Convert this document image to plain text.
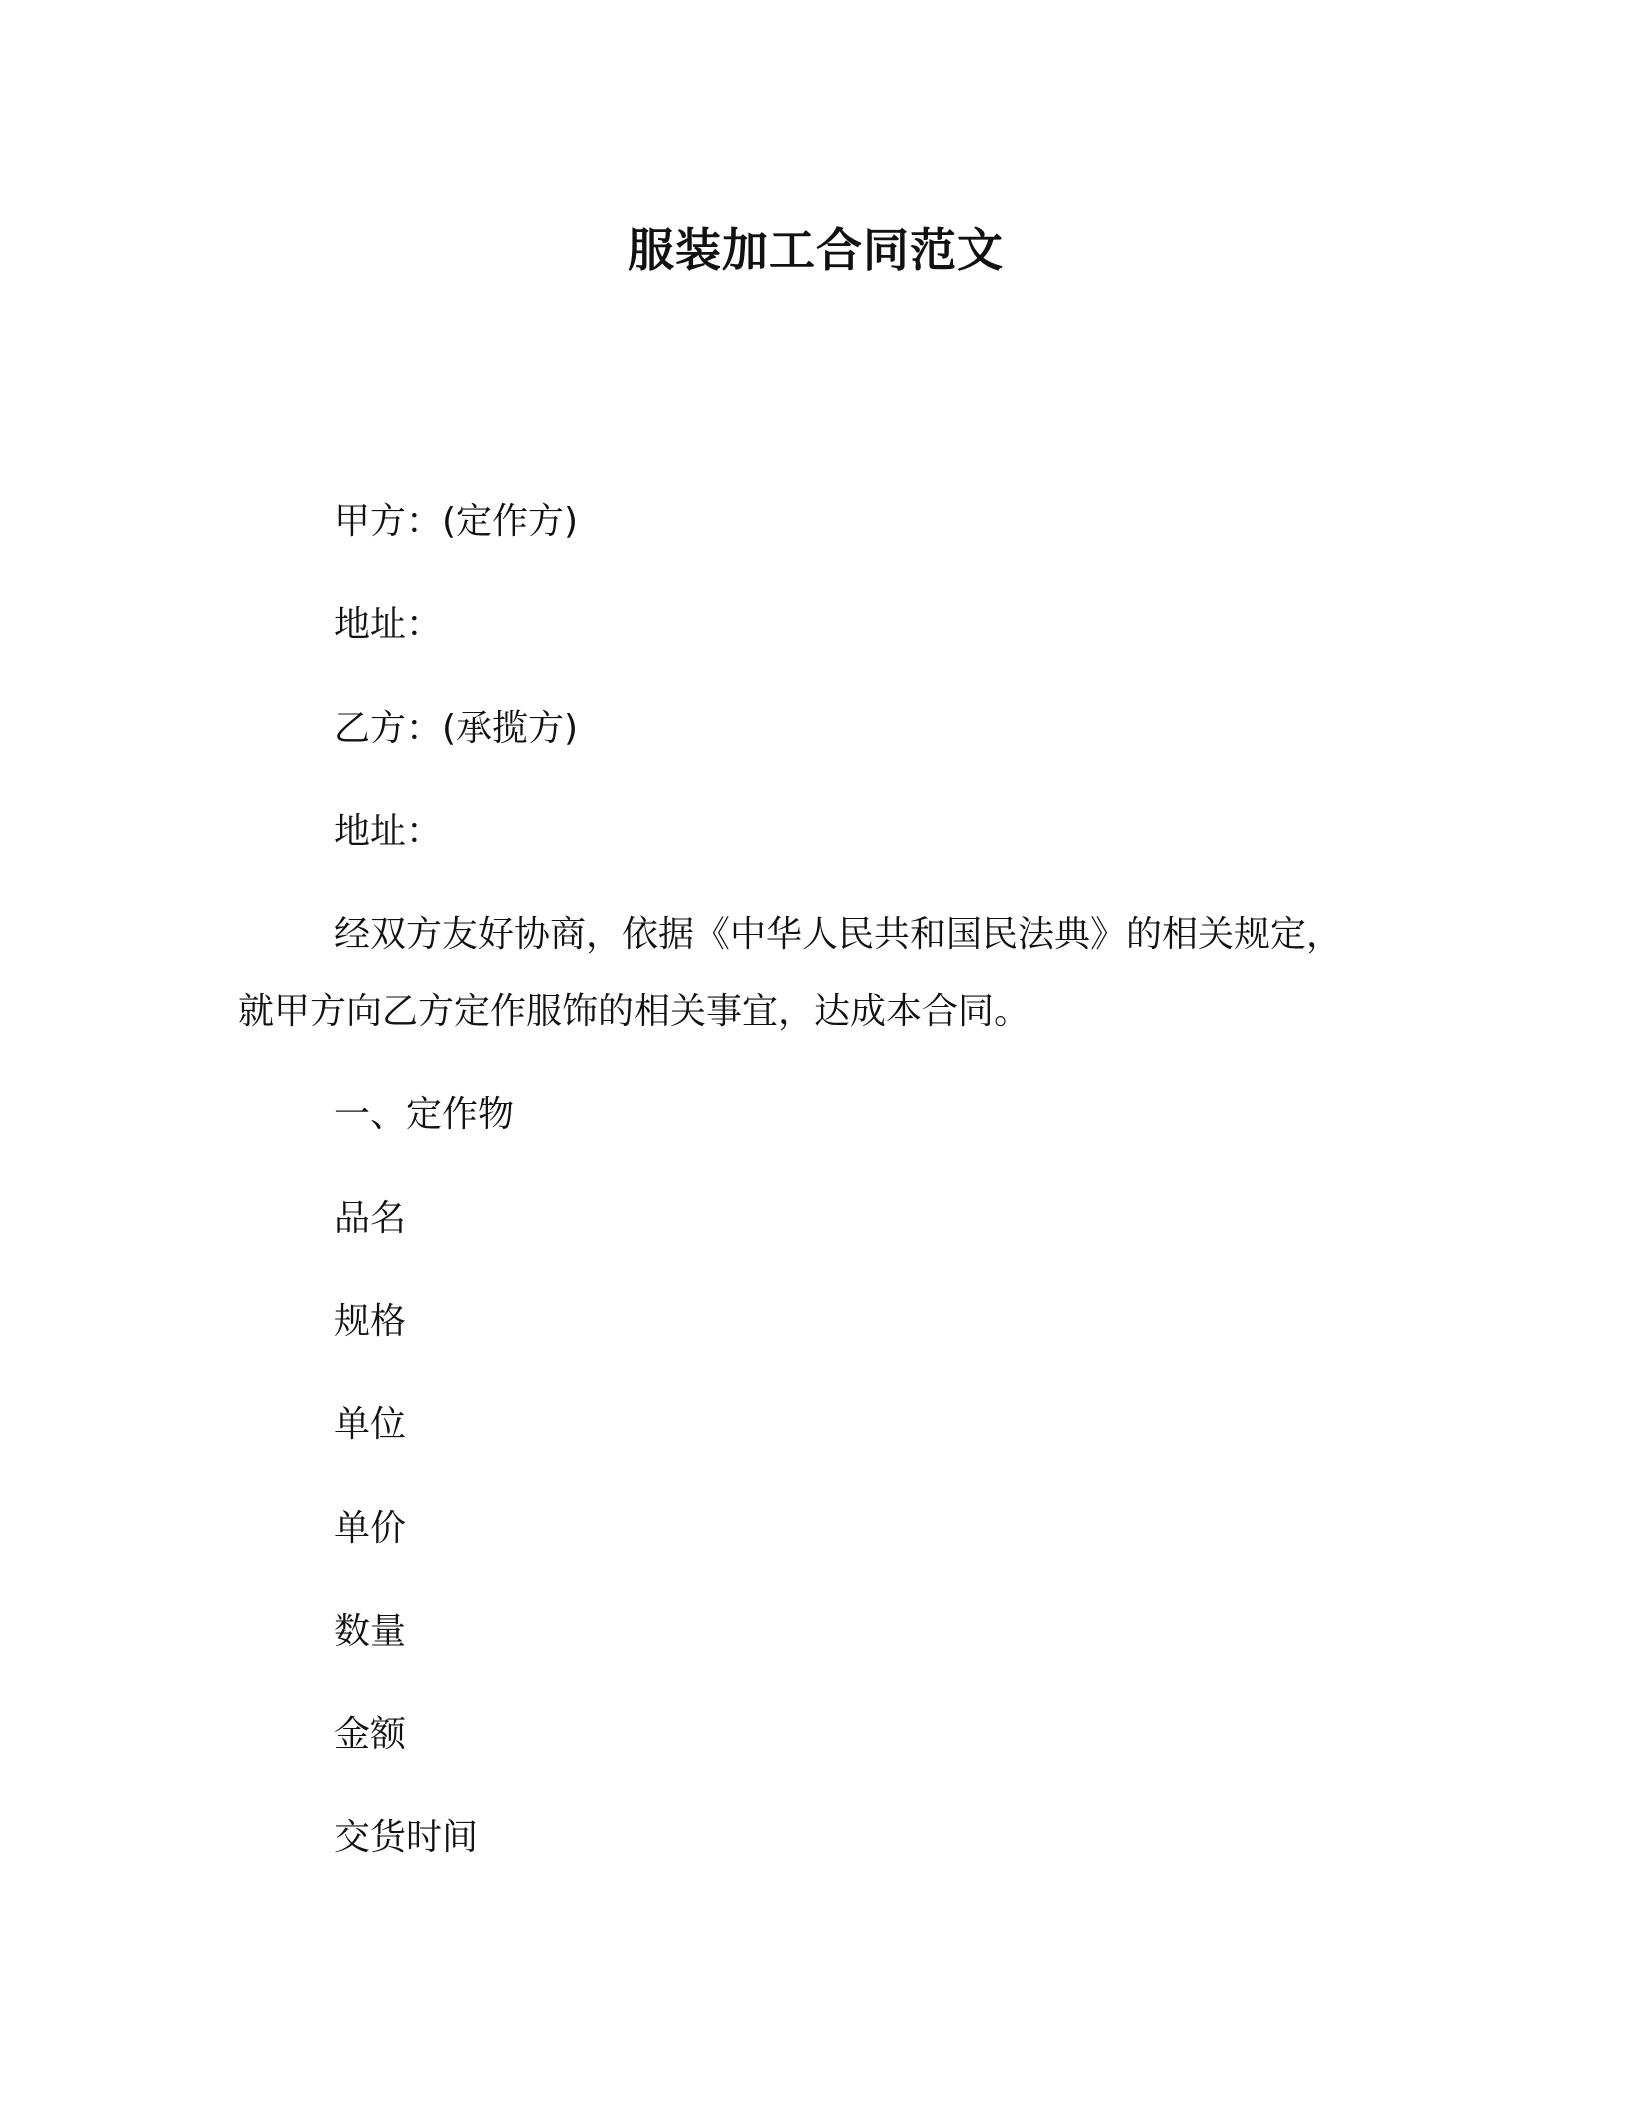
服装加工合同范文
甲方：(定作方)
地址：
乙方：(承揽方)
地址：
经双方友好协商，依据《中华人民共和国民法典》的相关规定，
就甲方向乙方定作服饰的相关事宜，达成本合同。
一、定作物
品名
规格
单位
单价
数量
金额
交货时间
